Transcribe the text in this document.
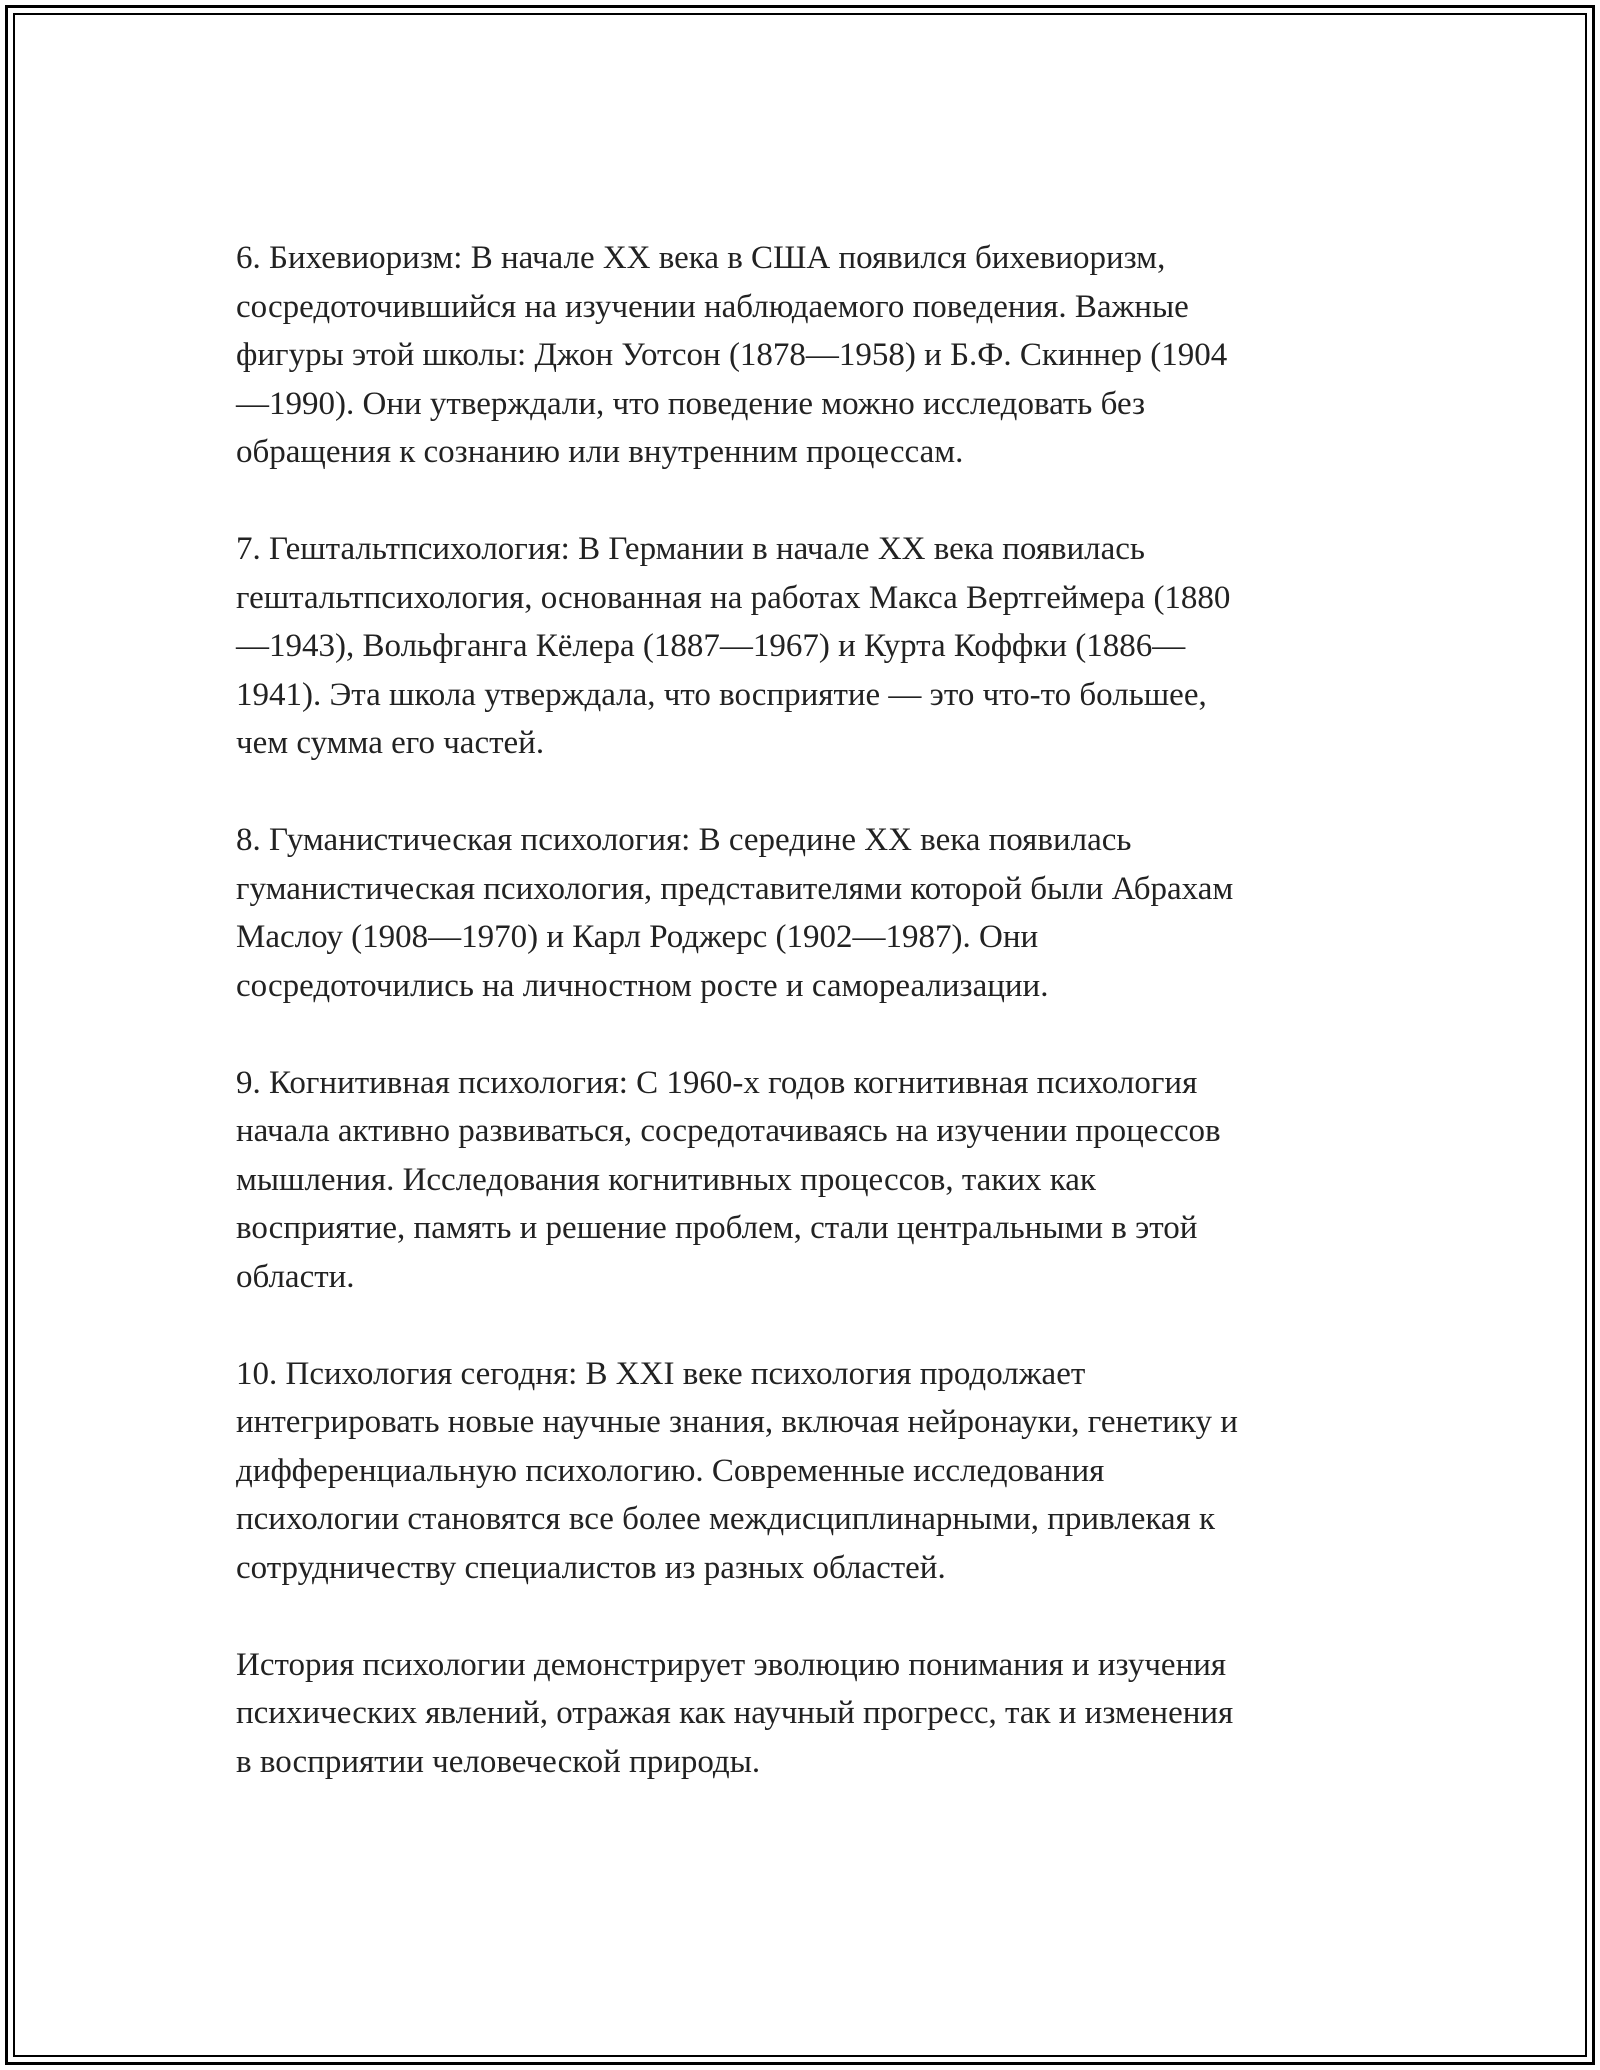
6. Бихевиоризм: В начале XX века в США появился бихевиоризм,
сосредоточившийся на изучении наблюдаемого поведения. Важные
фигуры этой школы: Джон Уотсон (1878—1958) и Б.Ф. Скиннер (1904
—1990). Они утверждали, что поведение можно исследовать без
обращения к сознанию или внутренним процессам.

7. Гештальтпсихология: В Германии в начале XX века появилась
гештальтпсихология, основанная на работах Макса Вертгеймера (1880
—1943), Вольфганга Кёлера (1887—1967) и Курта Коффки (1886—
1941). Эта школа утверждала, что восприятие — это что-то большее,
чем сумма его частей.

8. Гуманистическая психология: В середине XX века появилась
гуманистическая психология, представителями которой были Абрахам
Маслоу (1908—1970) и Карл Роджерс (1902—1987). Они
сосредоточились на личностном росте и самореализации.

9. Когнитивная психология: С 1960-х годов когнитивная психология
начала активно развиваться, сосредотачиваясь на изучении процессов
мышления. Исследования когнитивных процессов, таких как
восприятие, память и решение проблем, стали центральными в этой
области.

10. Психология сегодня: В XXI веке психология продолжает
интегрировать новые научные знания, включая нейронауки, генетику и
дифференциальную психологию. Современные исследования
психологии становятся все более междисциплинарными, привлекая к
сотрудничеству специалистов из разных областей.

История психологии демонстрирует эволюцию понимания и изучения
психических явлений, отражая как научный прогресс, так и изменения
в восприятии человеческой природы.
